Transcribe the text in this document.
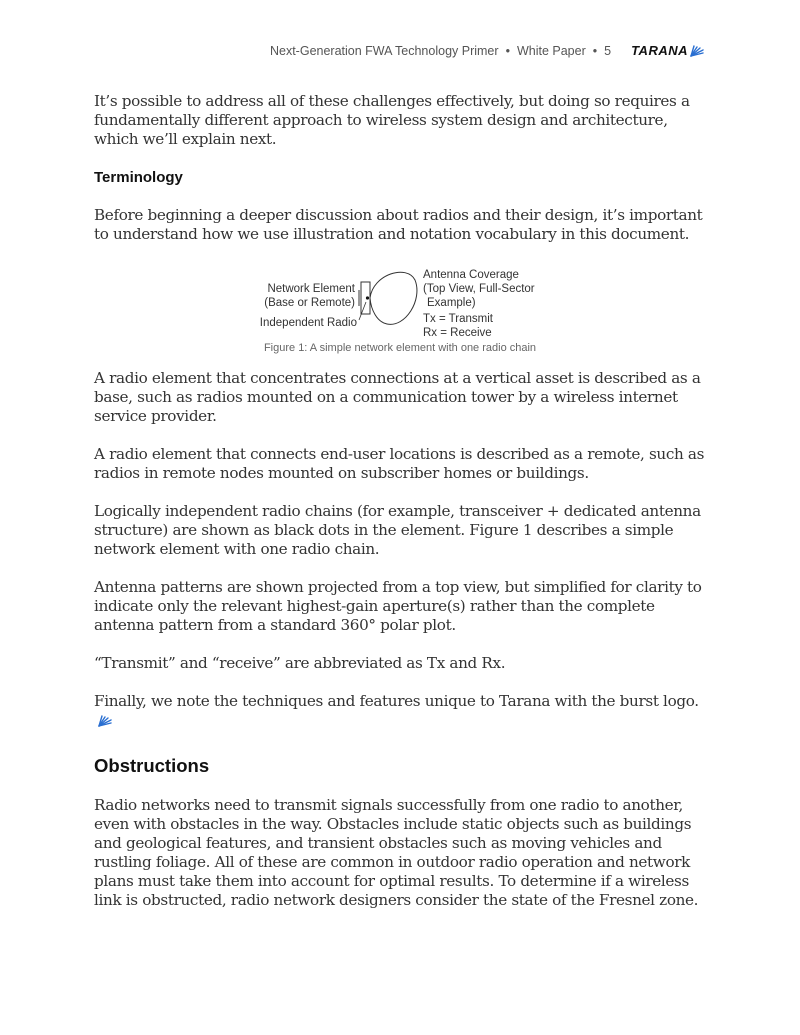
Next-Generation FWA Technology Primer • White Paper • 5 TARANA

It’s possible to address all of these challenges effectively, but doing so requires a fundamentally different approach to wireless system design and architecture, which we’ll explain next.

Terminology

Before beginning a deeper discussion about radios and their design, it’s important to understand how we use illustration and notation vocabulary in this document.

Network Element
(Base or Remote)
Independent Radio
Antenna Coverage
(Top View, Full-Sector
Example)
Tx = Transmit
Rx = Receive
Figure 1: A simple network element with one radio chain

A radio element that concentrates connections at a vertical asset is described as a base, such as radios mounted on a communication tower by a wireless internet service provider.

A radio element that connects end-user locations is described as a remote, such as radios in remote nodes mounted on subscriber homes or buildings.

Logically independent radio chains (for example, transceiver + dedicated antenna structure) are shown as black dots in the element. Figure 1 describes a simple network element with one radio chain.

Antenna patterns are shown projected from a top view, but simplified for clarity to indicate only the relevant highest-gain aperture(s) rather than the complete antenna pattern from a standard 360° polar plot.

“Transmit” and “receive” are abbreviated as Tx and Rx.

Finally, we note the techniques and features unique to Tarana with the burst logo.

Obstructions

Radio networks need to transmit signals successfully from one radio to another, even with obstacles in the way. Obstacles include static objects such as buildings and geological features, and transient obstacles such as moving vehicles and rustling foliage. All of these are common in outdoor radio operation and network plans must take them into account for optimal results. To determine if a wireless link is obstructed, radio network designers consider the state of the Fresnel zone.
